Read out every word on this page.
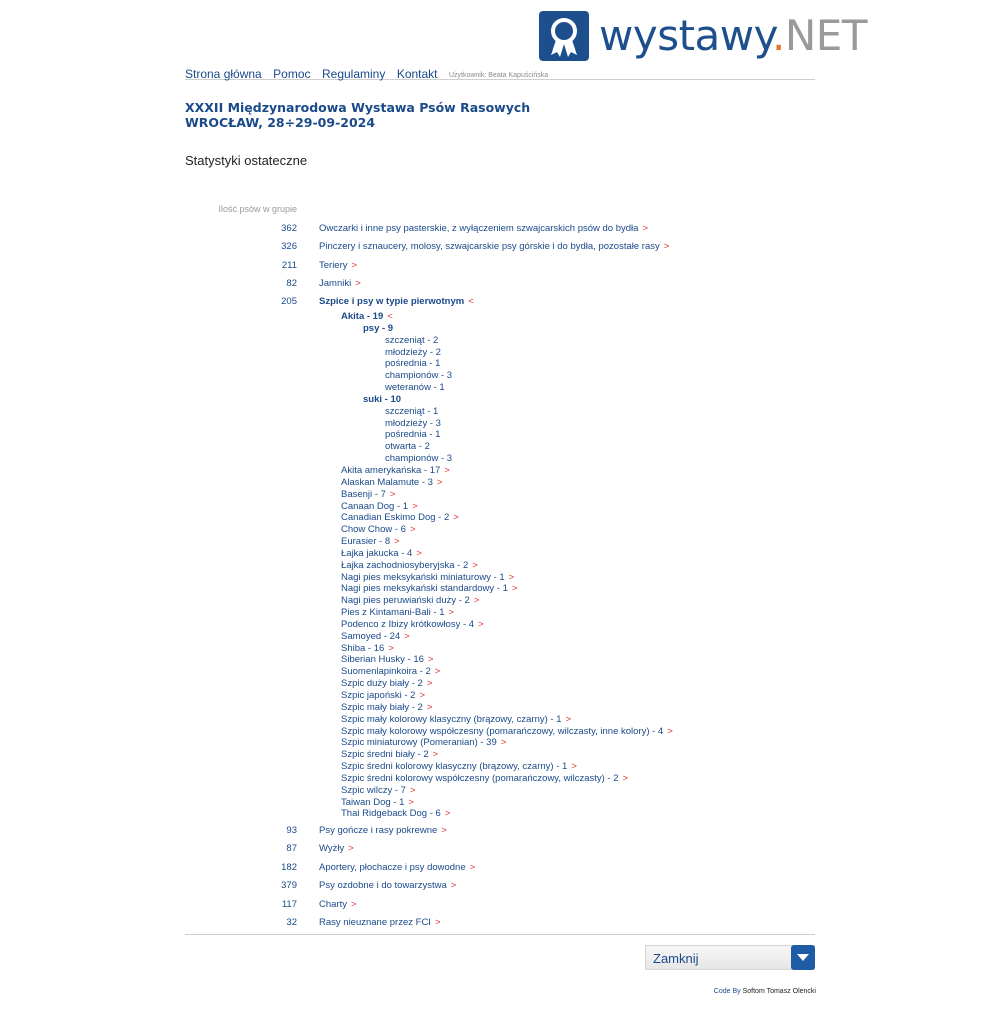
wystawy.NET
Strona główna Pomoc Regulaminy Kontakt Użytkownik: Beata Kapuścińska
XXXII Międzynarodowa Wystawa Psów Rasowych
WROCŁAW, 28÷29-09-2024
Statystyki ostateczne
Ilość psów w grupie
362 Owczarki i inne psy pasterskie, z wyłączeniem szwajcarskich psów do bydła >
326 Pinczery i sznaucery, molosy, szwajcarskie psy górskie i do bydła, pozostałe rasy >
211 Teriery >
82 Jamniki >
205 Szpice i psy w typie pierwotnym <
Akita - 19 <
psy - 9
szczeniąt - 2
młodzieży - 2
pośrednia - 1
championów - 3
weteranów - 1
suki - 10
szczeniąt - 1
młodzieży - 3
pośrednia - 1
otwarta - 2
championów - 3
Akita amerykańska - 17 >
Alaskan Malamute - 3 >
Basenji - 7 >
Canaan Dog - 1 >
Canadian Eskimo Dog - 2 >
Chow Chow - 6 >
Eurasier - 8 >
Łajka jakucka - 4 >
Łajka zachodniosyberyjska - 2 >
Nagi pies meksykański miniaturowy - 1 >
Nagi pies meksykański standardowy - 1 >
Nagi pies peruwiański duży - 2 >
Pies z Kintamani-Bali - 1 >
Podenco z Ibizy krótkowłosy - 4 >
Samoyed - 24 >
Shiba - 16 >
Siberian Husky - 16 >
Suomenlapinkoira - 2 >
Szpic duży biały - 2 >
Szpic japoński - 2 >
Szpic mały biały - 2 >
Szpic mały kolorowy klasyczny (brązowy, czarny) - 1 >
Szpic mały kolorowy współczesny (pomarańczowy, wilczasty, inne kolory) - 4 >
Szpic miniaturowy (Pomeranian) - 39 >
Szpic średni biały - 2 >
Szpic średni kolorowy klasyczny (brązowy, czarny) - 1 >
Szpic średni kolorowy współczesny (pomarańczowy, wilczasty) - 2 >
Szpic wilczy - 7 >
Taiwan Dog - 1 >
Thai Ridgeback Dog - 6 >
93 Psy gończe i rasy pokrewne >
87 Wyżły >
182 Aportery, płochacze i psy dowodne >
379 Psy ozdobne i do towarzystwa >
117 Charty >
32 Rasy nieuznane przez FCI >
Zamknij
Code By Softom Tomasz Olencki
